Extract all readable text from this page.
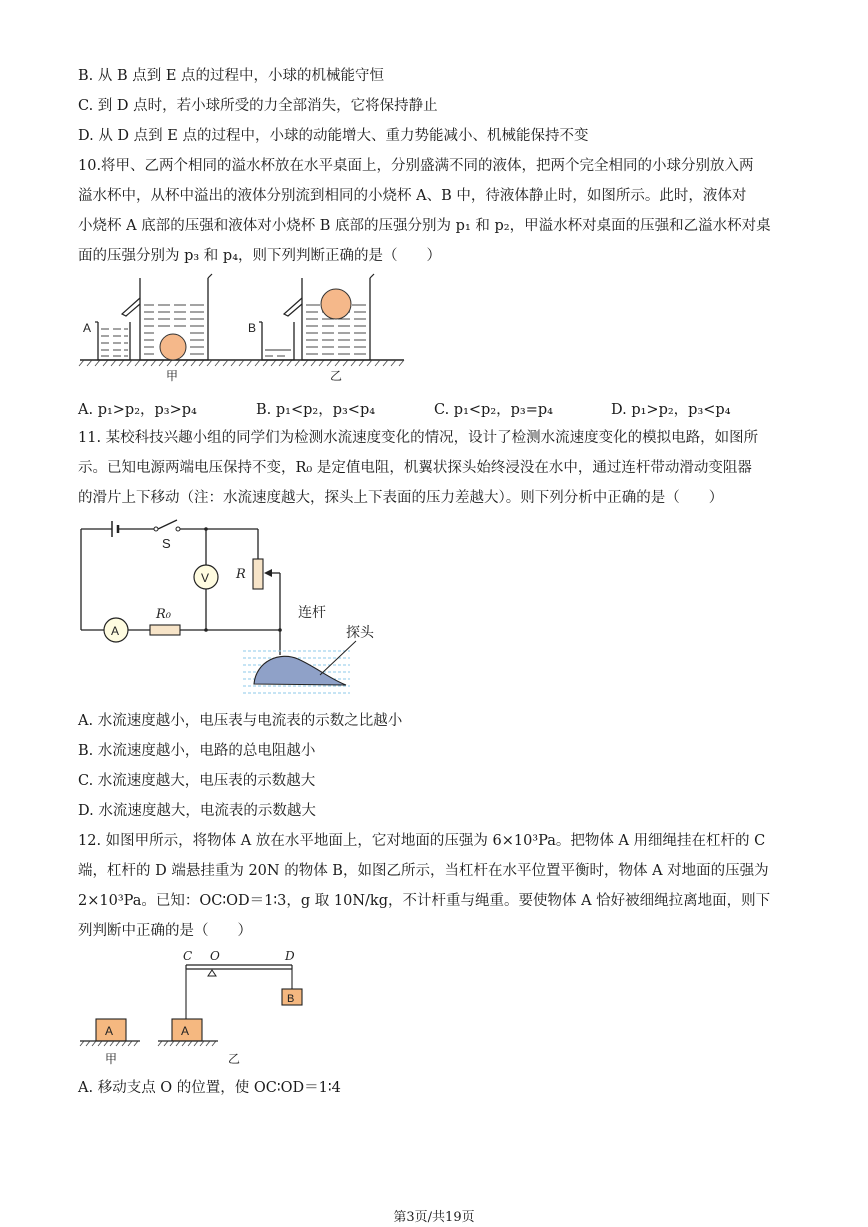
B. 从 B 点到 E 点的过程中，小球的机械能守恒
C. 到 D 点时，若小球所受的力全部消失，它将保持静止
D. 从 D 点到 E 点的过程中，小球的动能增大、重力势能减小、机械能保持不变
10.将甲、乙两个相同的溢水杯放在水平桌面上，分别盛满不同的液体，把两个完全相同的小球分别放入两
溢水杯中，从杯中溢出的液体分别流到相同的小烧杯 A、B 中，待液体静止时，如图所示。此时，液体对
小烧杯 A 底部的压强和液体对小烧杯 B 底部的压强分别为 p₁ 和 p₂，甲溢水杯对桌面的压强和乙溢水杯对桌
面的压强分别为 p₃ 和 p₄，则下列判断正确的是（　　）
A
甲
B
乙
A. p₁>p₂，p₃>p₄	B. p₁<p₂，p₃<p₄	C. p₁<p₂，p₃=p₄	D. p₁>p₂，p₃<p₄
11. 某校科技兴趣小组的同学们为检测水流速度变化的情况，设计了检测水流速度变化的模拟电路，如图所
示。已知电源两端电压保持不变，R₀ 是定值电阻，机翼状探头始终浸没在水中，通过连杆带动滑动变阻器
的滑片上下移动（注：水流速度越大，探头上下表面的压力差越大）。则下列分析中正确的是（　　）
S
A
R₀
V R
连杆
探头
A. 水流速度越小，电压表与电流表的示数之比越小
B. 水流速度越小，电路的总电阻越小
C. 水流速度越大，电压表的示数越大
D. 水流速度越大，电流表的示数越大
12. 如图甲所示，将物体 A 放在水平地面上，它对地面的压强为 6×10³Pa。把物体 A 用细绳挂在杠杆的 C
端，杠杆的 D 端悬挂重为 20N 的物体 B，如图乙所示，当杠杆在水平位置平衡时，物体 A 对地面的压强为
2×10³Pa。已知：OC∶OD＝1∶3，g 取 10N/kg，不计杆重与绳重。要使物体 A 恰好被细绳拉离地面，则下
列判断中正确的是（　　）
A
甲
C O	D
A
B
乙
A. 移动支点 O 的位置，使 OC∶OD＝1∶4
第3页/共19页
